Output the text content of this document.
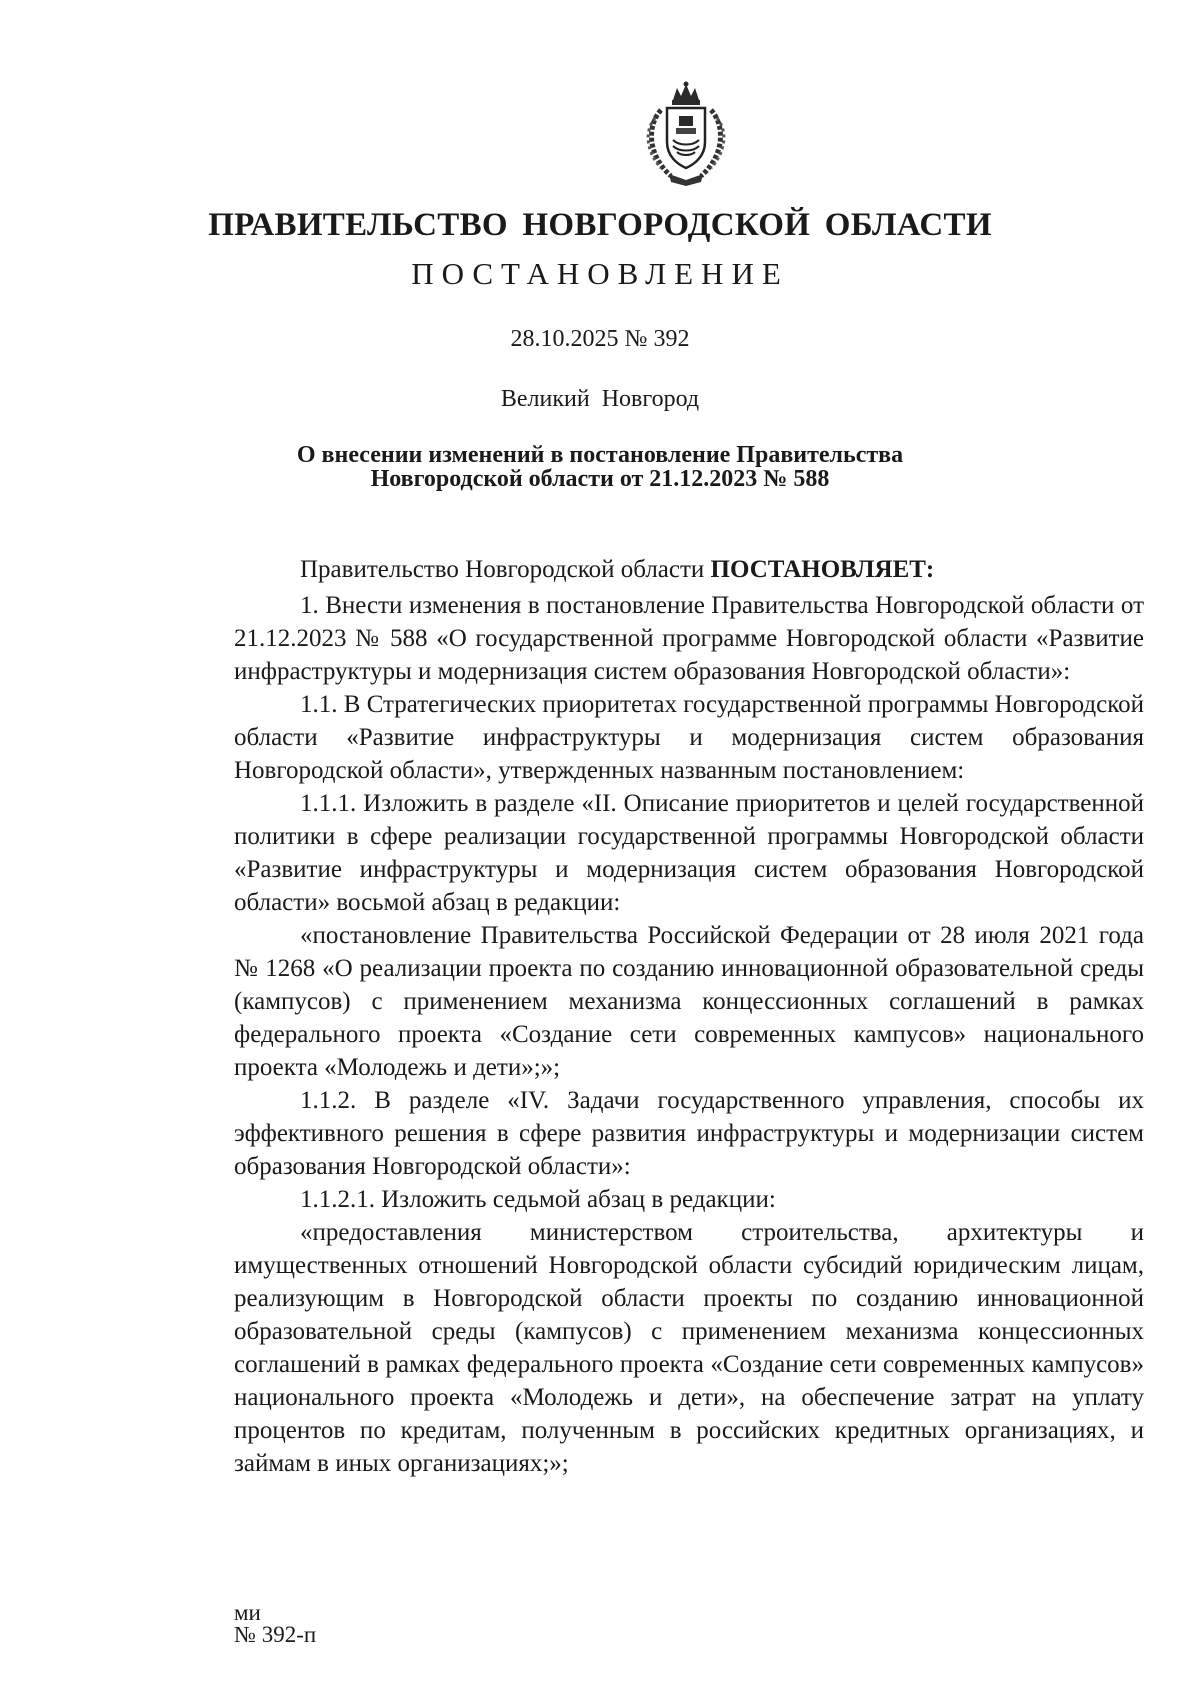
ПРАВИТЕЛЬСТВО НОВГОРОДСКОЙ ОБЛАСТИ
ПОСТАНОВЛЕНИЕ
28.10.2025 № 392
Великий Новгород
О внесении изменений в постановление Правительства
Новгородской области от 21.12.2023 № 588

Правительство Новгородской области ПОСТАНОВЛЯЕТ:

1. Внести изменения в постановление Правительства Новгородской области от 21.12.2023 № 588 «О государственной программе Новгородской области «Развитие инфраструктуры и модернизация систем образования Новгородской области»:

1.1. В Стратегических приоритетах государственной программы Новгородской области «Развитие инфраструктуры и модернизация систем образования Новгородской области», утвержденных названным постановлением:

1.1.1. Изложить в разделе «II. Описание приоритетов и целей государственной политики в сфере реализации государственной программы Новгородской области «Развитие инфраструктуры и модернизация систем образования Новгородской области» восьмой абзац в редакции:

«постановление Правительства Российской Федерации от 28 июля 2021 года № 1268 «О реализации проекта по созданию инновационной образовательной среды (кампусов) с применением механизма концессионных соглашений в рамках федерального проекта «Создание сети современных кампусов» национального проекта «Молодежь и дети»;»;

1.1.2. В разделе «IV. Задачи государственного управления, способы их эффективного решения в сфере развития инфраструктуры и модернизации систем образования Новгородской области»:

1.1.2.1. Изложить седьмой абзац в редакции:

«предоставления министерством строительства, архитектуры и имущественных отношений Новгородской области субсидий юридическим лицам, реализующим в Новгородской области проекты по созданию инновационной образовательной среды (кампусов) с применением механизма концессионных соглашений в рамках федерального проекта «Создание сети современных кампусов» национального проекта «Молодежь и дети», на обеспечение затрат на уплату процентов по кредитам, полученным в российских кредитных организациях, и займам в иных организациях;»;

ми
№ 392-п
